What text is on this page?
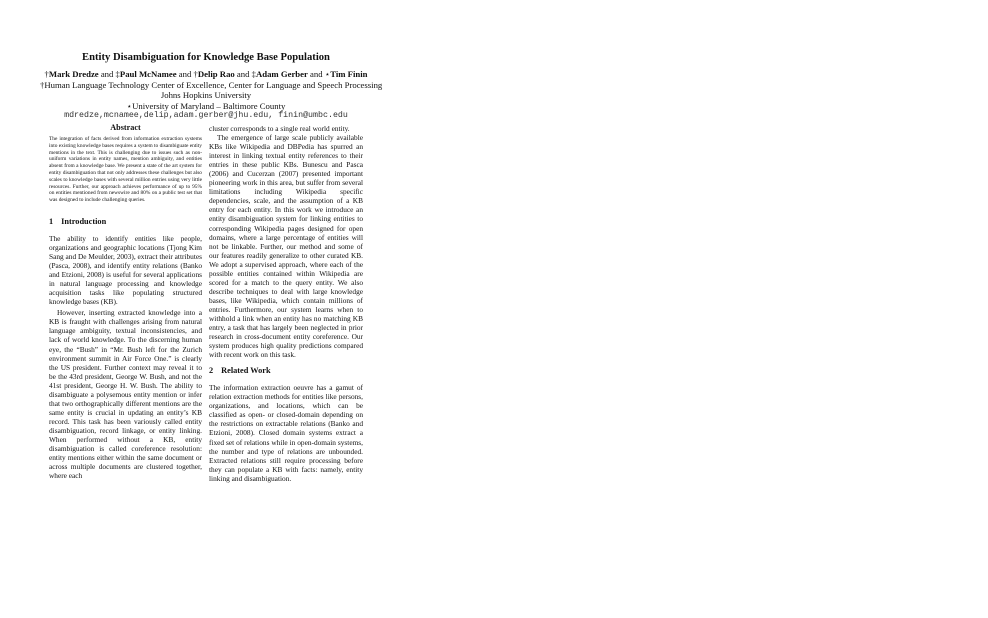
Entity Disambiguation for Knowledge Base Population
†Mark Dredze and ‡Paul McNamee and †Delip Rao and ‡Adam Gerber and ⋆Tim Finin
†Human Language Technology Center of Excellence, Center for Language and Speech Processing
Johns Hopkins University
⋆University of Maryland – Baltimore County
mdredze,mcnamee,delip,adam.gerber@jhu.edu, finin@umbc.edu
Abstract

The integration of facts derived from information extraction systems into existing knowledge bases requires a system to disambiguate entity mentions in the text. This is challenging due to issues such as non-uniform variations in entity names, mention ambiguity, and entities absent from a knowledge base. We present a state of the art system for entity disambiguation that not only addresses these challenges but also scales to knowledge bases with several million entries using very little resources. Further, our approach achieves performance of up to 95% on entities mentioned from newswire and 80% on a public test set that was designed to include challenging queries.

1 Introduction

The ability to identify entities like people, organizations and geographic locations (Tjong Kim Sang and De Meulder, 2003), extract their attributes (Pasca, 2008), and identify entity relations (Banko and Etzioni, 2008) is useful for several applications in natural language processing and knowledge acquisition tasks like populating structured knowledge bases (KB).

However, inserting extracted knowledge into a KB is fraught with challenges arising from natural language ambiguity, textual inconsistencies, and lack of world knowledge. To the discerning human eye, the “Bush” in “Mr. Bush left for the Zurich environment summit in Air Force One.” is clearly the US president. Further context may reveal it to be the 43rd president, George W. Bush, and not the 41st president, George H. W. Bush. The ability to disambiguate a polysemous entity mention or infer that two orthographically different mentions are the same entity is crucial in updating an entity’s KB record. This task has been variously called entity disambiguation, record linkage, or entity linking. When performed without a KB, entity disambiguation is called coreference resolution: entity mentions either within the same document or across multiple documents are clustered together, where each

cluster corresponds to a single real world entity.

The emergence of large scale publicly available KBs like Wikipedia and DBPedia has spurred an interest in linking textual entity references to their entries in these public KBs. Bunescu and Pasca (2006) and Cucerzan (2007) presented important pioneering work in this area, but suffer from several limitations including Wikipedia specific dependencies, scale, and the assumption of a KB entry for each entity. In this work we introduce an entity disambiguation system for linking entities to corresponding Wikipedia pages designed for open domains, where a large percentage of entities will not be linkable. Further, our method and some of our features readily generalize to other curated KB. We adopt a supervised approach, where each of the possible entities contained within Wikipedia are scored for a match to the query entity. We also describe techniques to deal with large knowledge bases, like Wikipedia, which contain millions of entries. Furthermore, our system learns when to withhold a link when an entity has no matching KB entry, a task that has largely been neglected in prior research in cross-document entity coreference. Our system produces high quality predictions compared with recent work on this task.

2 Related Work

The information extraction oeuvre has a gamut of relation extraction methods for entities like persons, organizations, and locations, which can be classified as open- or closed-domain depending on the restrictions on extractable relations (Banko and Etzioni, 2008). Closed domain systems extract a fixed set of relations while in open-domain systems, the number and type of relations are unbounded. Extracted relations still require processing before they can populate a KB with facts: namely, entity linking and disambiguation.
